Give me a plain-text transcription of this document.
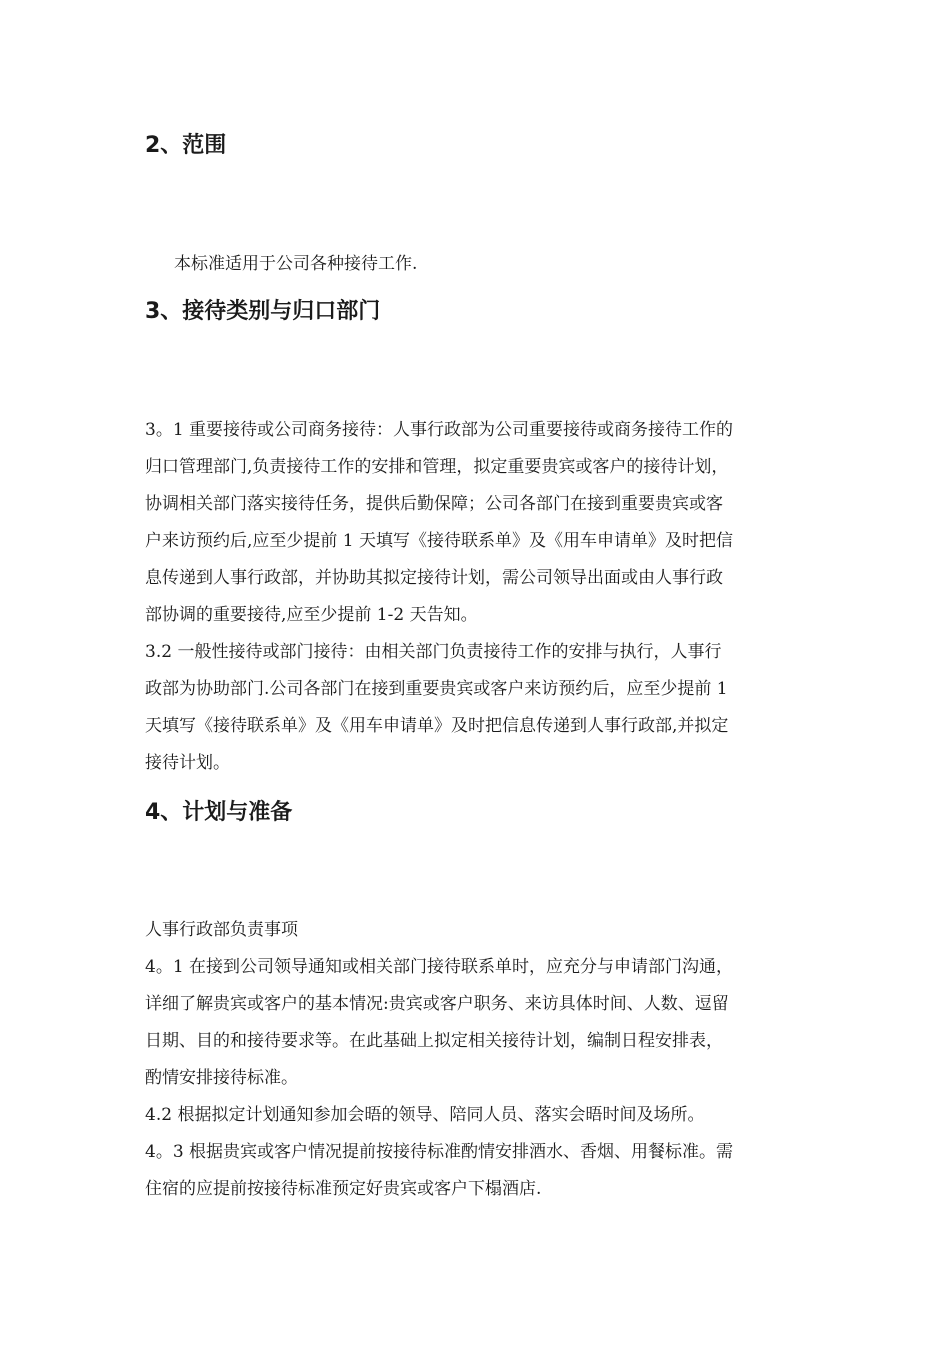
2、范围

本标准适用于公司各种接待工作.

3、接待类别与归口部门

3。1 重要接待或公司商务接待：人事行政部为公司重要接待或商务接待工作的
归口管理部门,负责接待工作的安排和管理，拟定重要贵宾或客户的接待计划，
协调相关部门落实接待任务，提供后勤保障；公司各部门在接到重要贵宾或客
户来访预约后,应至少提前 1 天填写《接待联系单》及《用车申请单》及时把信
息传递到人事行政部，并协助其拟定接待计划，需公司领导出面或由人事行政
部协调的重要接待,应至少提前 1-2 天告知。

3.2 一般性接待或部门接待：由相关部门负责接待工作的安排与执行，人事行
政部为协助部门.公司各部门在接到重要贵宾或客户来访预约后，应至少提前 1
天填写《接待联系单》及《用车申请单》及时把信息传递到人事行政部,并拟定
接待计划。

4、计划与准备

人事行政部负责事项
4。1 在接到公司领导通知或相关部门接待联系单时，应充分与申请部门沟通，
详细了解贵宾或客户的基本情况:贵宾或客户职务、来访具体时间、人数、逗留
日期、目的和接待要求等。在此基础上拟定相关接待计划，编制日程安排表，
酌情安排接待标准。
4.2 根据拟定计划通知参加会晤的领导、陪同人员、落实会晤时间及场所。
4。3 根据贵宾或客户情况提前按接待标准酌情安排酒水、香烟、用餐标准。需
住宿的应提前按接待标准预定好贵宾或客户下榻酒店.
